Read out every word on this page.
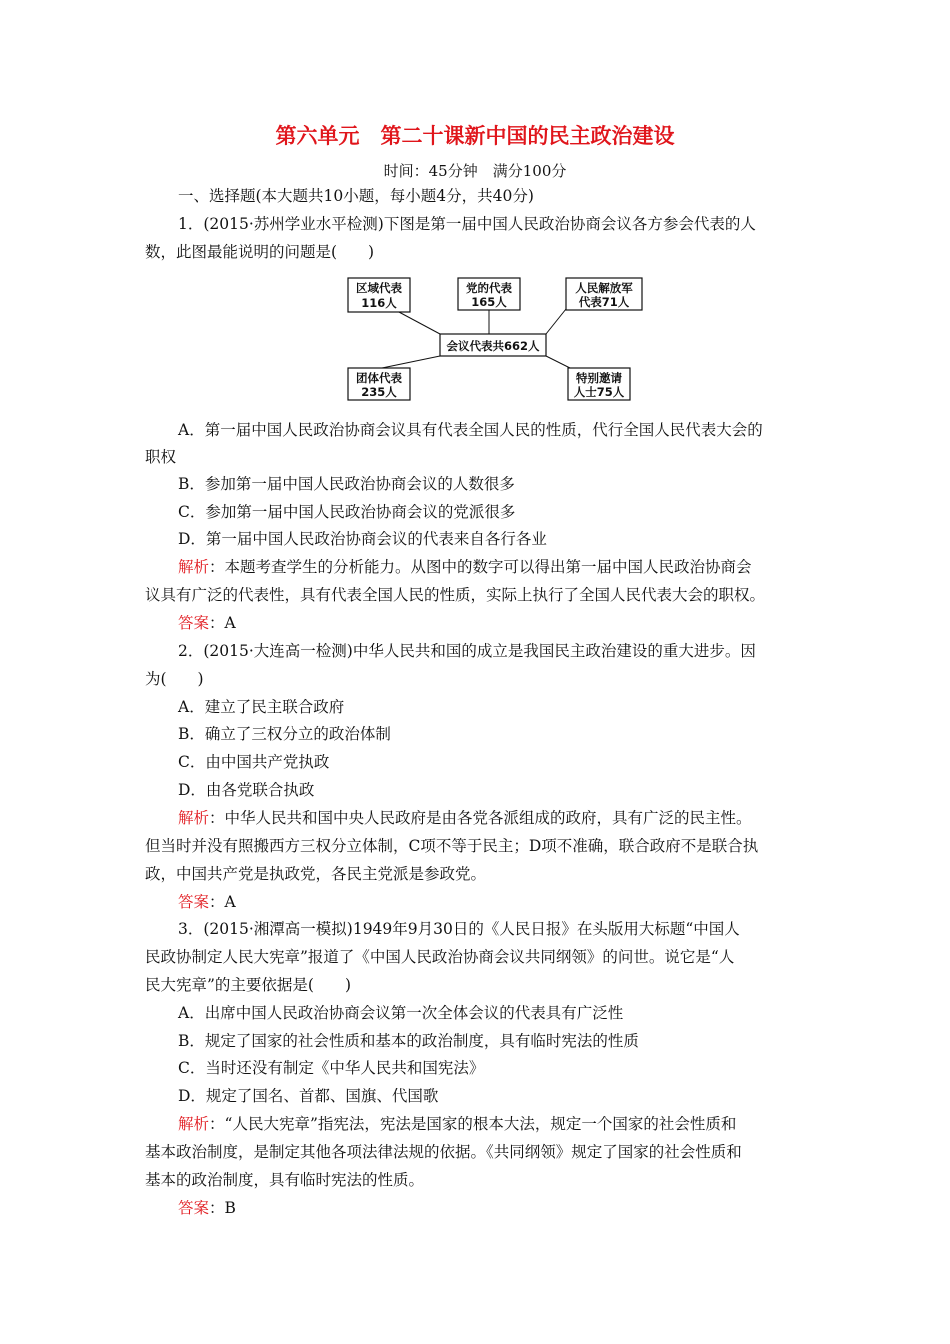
第六单元　第二十课新中国的民主政治建设
时间：45分钟　满分100分
一、选择题(本大题共10小题，每小题4分，共40分)
1．(2015·苏州学业水平检测)下图是第一届中国人民政治协商会议各方参会代表的人
数，此图最能说明的问题是(　　)
区域代表
116人
党的代表
165人
人民解放军
代表71人
会议代表共662人
团体代表
235人
特别邀请
人士75人
A．第一届中国人民政治协商会议具有代表全国人民的性质，代行全国人民代表大会的
职权
B．参加第一届中国人民政治协商会议的人数很多
C．参加第一届中国人民政治协商会议的党派很多
D．第一届中国人民政治协商会议的代表来自各行各业
解析：本题考查学生的分析能力。从图中的数字可以得出第一届中国人民政治协商会
议具有广泛的代表性，具有代表全国人民的性质，实际上执行了全国人民代表大会的职权。
答案：A
2．(2015·大连高一检测)中华人民共和国的成立是我国民主政治建设的重大进步。因
为(　　)
A．建立了民主联合政府
B．确立了三权分立的政治体制
C．由中国共产党执政
D．由各党联合执政
解析：中华人民共和国中央人民政府是由各党各派组成的政府，具有广泛的民主性。
但当时并没有照搬西方三权分立体制，C项不等于民主；D项不准确，联合政府不是联合执
政，中国共产党是执政党，各民主党派是参政党。
答案：A
3．(2015·湘潭高一模拟)1949年9月30日的《人民日报》在头版用大标题“中国人
民政协制定人民大宪章”报道了《中国人民政治协商会议共同纲领》的问世。说它是“人
民大宪章”的主要依据是(　　)
A．出席中国人民政治协商会议第一次全体会议的代表具有广泛性
B．规定了国家的社会性质和基本的政治制度，具有临时宪法的性质
C．当时还没有制定《中华人民共和国宪法》
D．规定了国名、首都、国旗、代国歌
解析：“人民大宪章”指宪法，宪法是国家的根本大法，规定一个国家的社会性质和
基本政治制度，是制定其他各项法律法规的依据。《共同纲领》规定了国家的社会性质和
基本的政治制度，具有临时宪法的性质。
答案：B
